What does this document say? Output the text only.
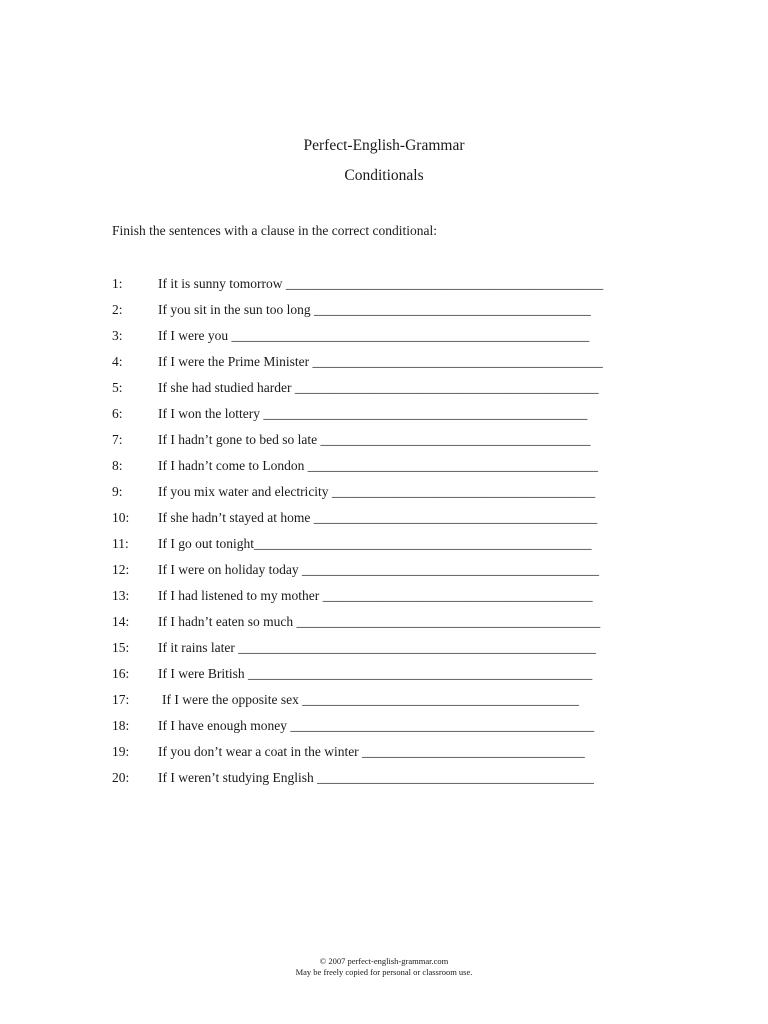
Perfect-English-Grammar
Conditionals
Finish the sentences with a clause in the correct conditional:
1:	If it is sunny tomorrow _______________________________________________
2:	If you sit in the sun too long _________________________________________
3:	If I were you _____________________________________________________
4:	If I were the Prime Minister ___________________________________________
5:	If she had studied harder _____________________________________________
6:	If I won the lottery ________________________________________________
7:	If I hadn’t gone to bed so late ________________________________________
8:	If I hadn’t come to London ___________________________________________
9:	If you mix water and electricity _______________________________________
10: If she hadn’t stayed at home __________________________________________
11: If I go out tonight__________________________________________________
12: If I were on holiday today ____________________________________________
13: If I had listened to my mother ________________________________________
14: If I hadn’t eaten so much _____________________________________________
15: If it rains later _____________________________________________________
16: If I were British ___________________________________________________
17: If I were the opposite sex _________________________________________
18: If I have enough money _____________________________________________
19: If you don’t wear a coat in the winter _________________________________
20: If I weren’t studying English _________________________________________
© 2007 perfect-english-grammar.com
May be freely copied for personal or classroom use.
